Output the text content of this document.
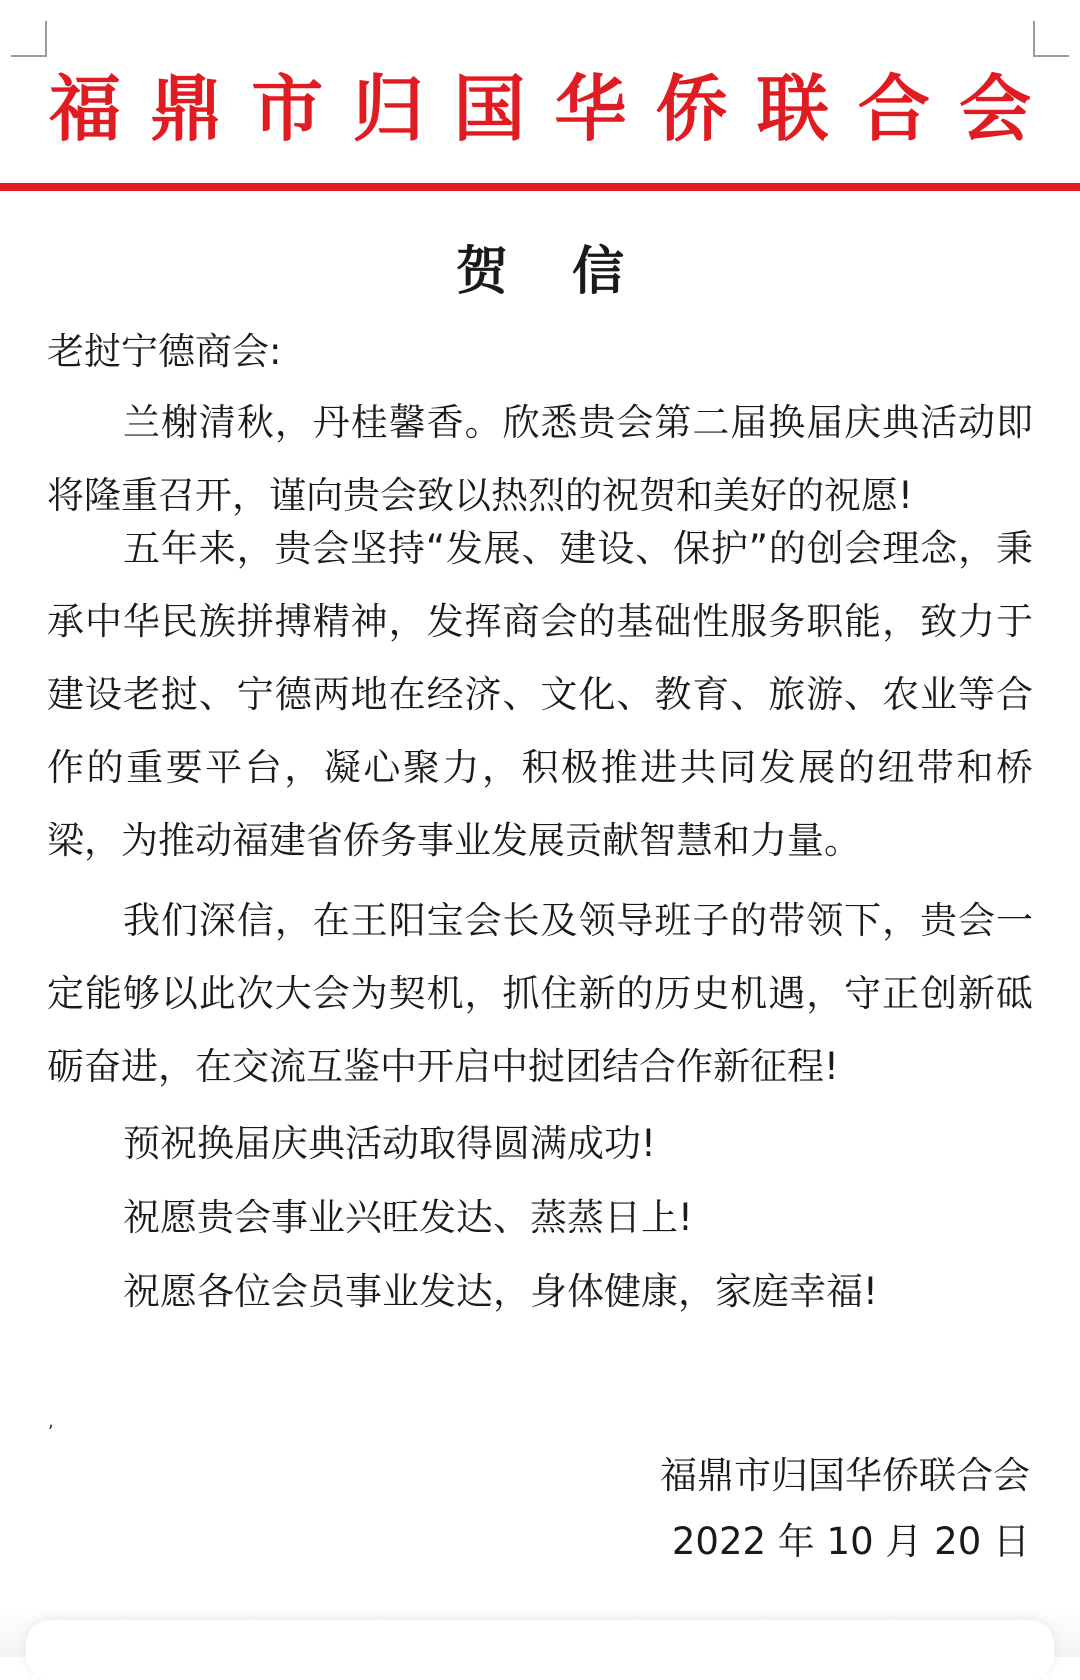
福 鼎 市 归 国 华 侨 联 合 会
贺信
老挝宁德商会:
兰榭清秋，丹桂馨香。欣悉贵会第二届换届庆典活动即将隆重召开，谨向贵会致以热烈的祝贺和美好的祝愿!
五年来，贵会坚持“发展、建设、保护”的创会理念，秉承中华民族拼搏精神，发挥商会的基础性服务职能，致力于建设老挝、宁德两地在经济、文化、教育、旅游、农业等合作的重要平台，凝心聚力，积极推进共同发展的纽带和桥梁，为推动福建省侨务事业发展贡献智慧和力量。
我们深信，在王阳宝会长及领导班子的带领下，贵会一定能够以此次大会为契机，抓住新的历史机遇，守正创新砥砺奋进，在交流互鉴中开启中挝团结合作新征程!
预祝换届庆典活动取得圆满成功!
祝愿贵会事业兴旺发达、蒸蒸日上!
祝愿各位会员事业发达，身体健康，家庭幸福!
,
福鼎市归国华侨联合会
2022 年 10 月 20 日
